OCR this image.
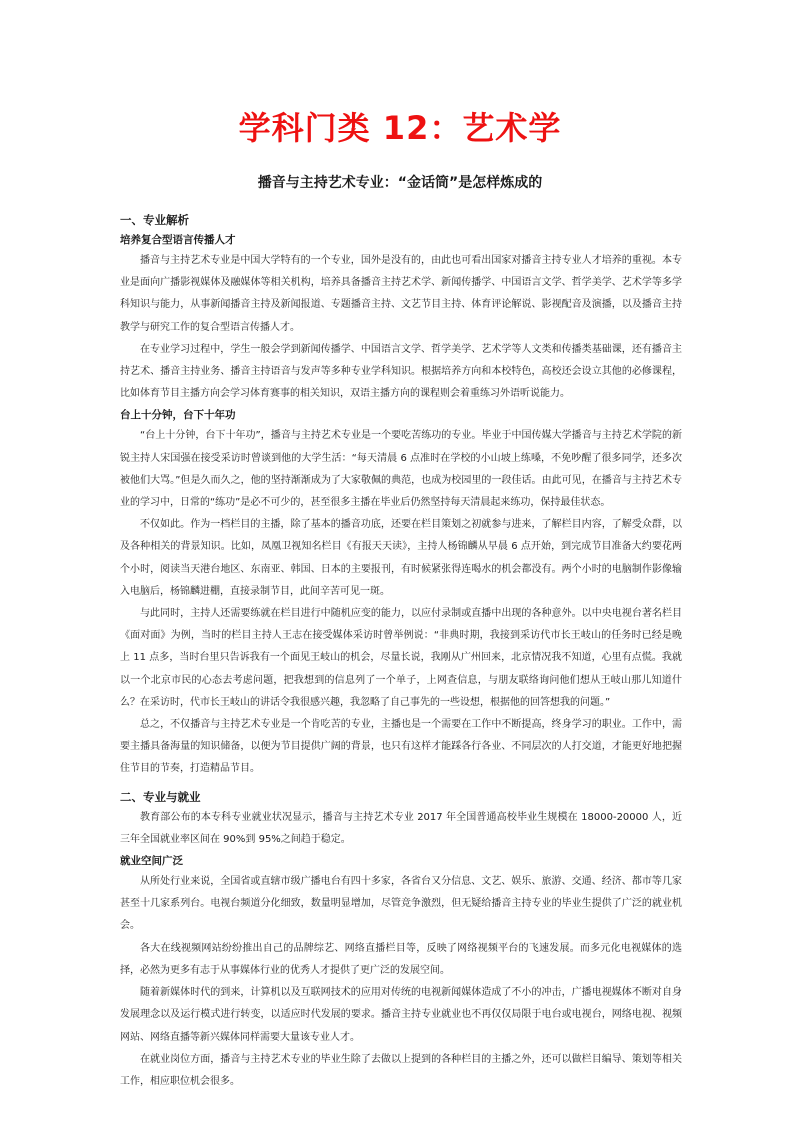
学科门类 12：艺术学
播音与主持艺术专业：“金话筒”是怎样炼成的
一、专业解析
培养复合型语言传播人才

播音与主持艺术专业是中国大学特有的一个专业，国外是没有的，由此也可看出国家对播音主持专业人才培养的重视。本专业是面向广播影视媒体及融媒体等相关机构，培养具备播音主持艺术学、新闻传播学、中国语言文学、哲学美学、艺术学等多学科知识与能力，从事新闻播音主持及新闻报道、专题播音主持、文艺节目主持、体育评论解说、影视配音及演播，以及播音主持教学与研究工作的复合型语言传播人才。

在专业学习过程中，学生一般会学到新闻传播学、中国语言文学、哲学美学、艺术学等人文类和传播类基础课，还有播音主持艺术、播音主持业务、播音主持语音与发声等多种专业学科知识。根据培养方向和本校特色，高校还会设立其他的必修课程，比如体育节目主播方向会学习体育赛事的相关知识，双语主播方向的课程则会着重练习外语听说能力。

台上十分钟，台下十年功

“台上十分钟，台下十年功”，播音与主持艺术专业是一个要吃苦练功的专业。毕业于中国传媒大学播音与主持艺术学院的新锐主持人宋国强在接受采访时曾谈到他的大学生活：“每天清晨 6 点准时在学校的小山坡上练嗓，不免吵醒了很多同学，还多次被他们大骂。”但是久而久之，他的坚持渐渐成为了大家敬佩的典范，也成为校园里的一段佳话。由此可见，在播音与主持艺术专业的学习中，日常的“练功”是必不可少的，甚至很多主播在毕业后仍然坚持每天清晨起来练功，保持最佳状态。

不仅如此。作为一档栏目的主播，除了基本的播音功底，还要在栏目策划之初就参与进来，了解栏目内容，了解受众群，以及各种相关的背景知识。比如，凤凰卫视知名栏目《有报天天读》，主持人杨锦麟从早晨 6 点开始，到完成节目准备大约要花两个小时，阅读当天港台地区、东南亚、韩国、日本的主要报刊，有时候紧张得连喝水的机会都没有。两个小时的电脑制作影像输入电脑后，杨锦麟进棚，直接录制节目，此间辛苦可见一斑。

与此同时，主持人还需要练就在栏目进行中随机应变的能力，以应付录制或直播中出现的各种意外。以中央电视台著名栏目《面对面》为例，当时的栏目主持人王志在接受媒体采访时曾举例说：“非典时期，我接到采访代市长王岐山的任务时已经是晚上 11 点多，当时台里只告诉我有一个面见王岐山的机会，尽量长说，我刚从广州回来，北京情况我不知道，心里有点慌。我就以一个北京市民的心态去考虑问题，把我想到的信息列了一个单子，上网查信息，与朋友联络询问他们想从王岐山那儿知道什么？在采访时，代市长王岐山的讲话令我很感兴趣，我忽略了自己事先的一些设想，根据他的回答想我的问题。”

总之，不仅播音与主持艺术专业是一个肯吃苦的专业，主播也是一个需要在工作中不断提高，终身学习的职业。工作中，需要主播具备海量的知识储备，以便为节目提供广阔的背景，也只有这样才能踩各行各业、不同层次的人打交道，才能更好地把握住节目的节奏，打造精品节目。

二、专业与就业

教育部公布的本专科专业就业状况显示，播音与主持艺术专业 2017 年全国普通高校毕业生规模在 18000-20000 人，近三年全国就业率区间在 90%到 95%之间趋于稳定。

就业空间广泛

从所处行业来说，全国省或直辖市级广播电台有四十多家，各省台又分信息、文艺、娱乐、旅游、交通、经济、都市等几家甚至十几家系列台。电视台频道分化细致，数量明显增加，尽管竞争激烈，但无疑给播音主持专业的毕业生提供了广泛的就业机会。

各大在线视频网站纷纷推出自己的品牌综艺、网络直播栏目等，反映了网络视频平台的飞速发展。而多元化电视媒体的选择，必然为更多有志于从事媒体行业的优秀人才提供了更广泛的发展空间。

随着新媒体时代的到来，计算机以及互联网技术的应用对传统的电视新闻媒体造成了不小的冲击，广播电视媒体不断对自身发展理念以及运行模式进行转变，以适应时代发展的要求。播音主持专业就业也不再仅仅局限于电台或电视台，网络电视、视频网站、网络直播等新兴媒体同样需要大量该专业人才。

在就业岗位方面，播音与主持艺术专业的毕业生除了去做以上提到的各种栏目的主播之外，还可以做栏目编导、策划等相关工作，相应职位机会很多。
